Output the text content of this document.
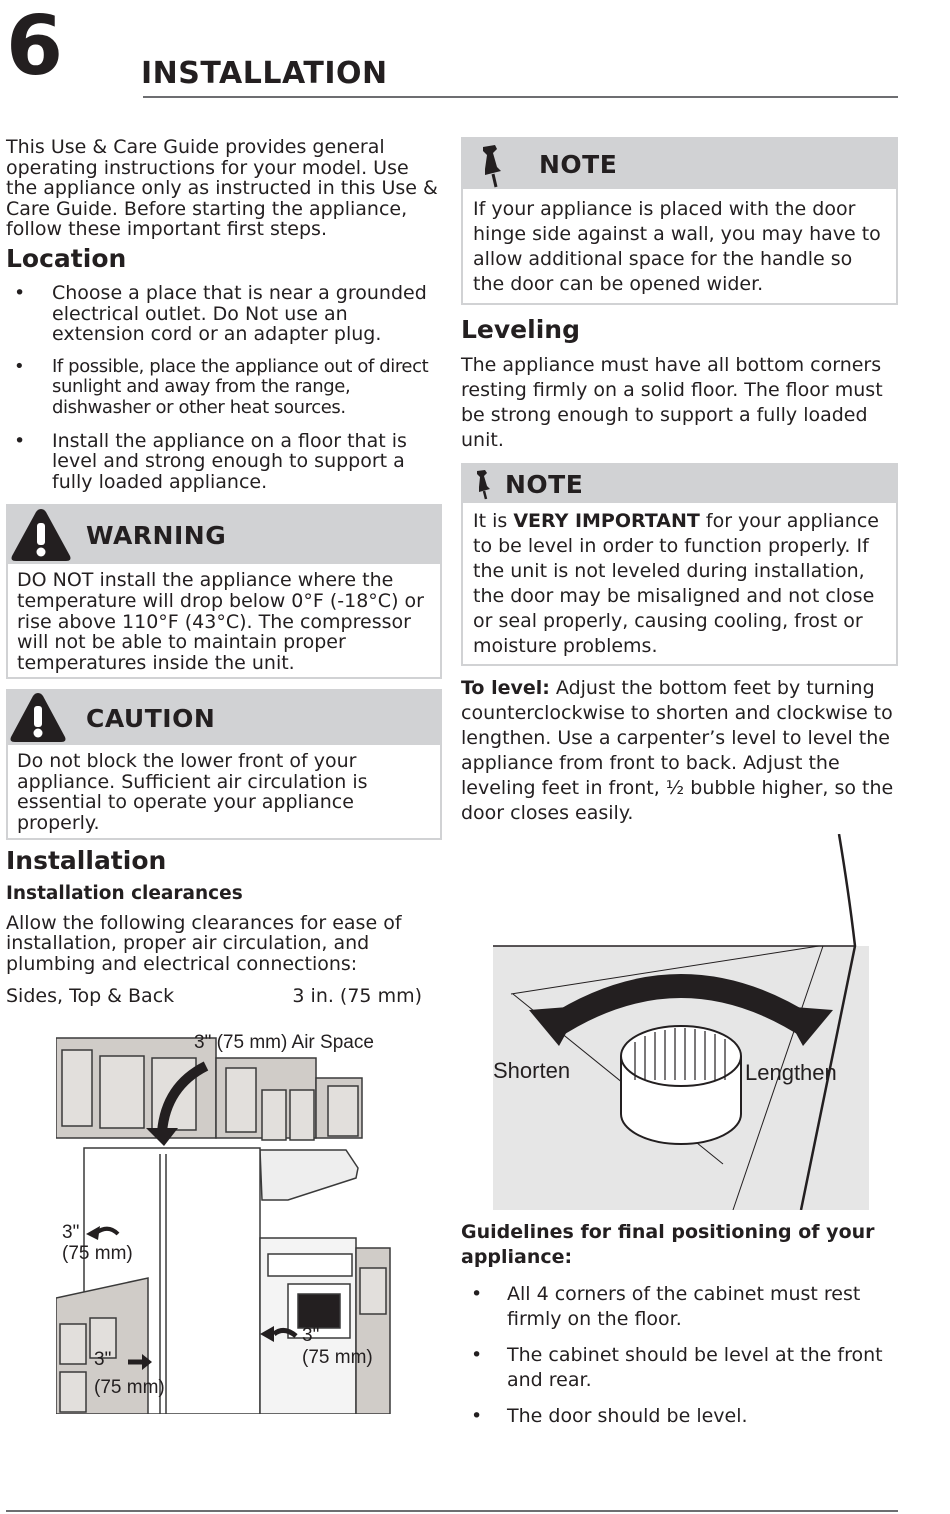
6	INSTALLATION

This Use & Care Guide provides general operating instructions for your model. Use the appliance only as instructed in this Use & Care Guide. Before starting the appliance, follow these important first steps.

Location
• Choose a place that is near a grounded electrical outlet. Do Not use an extension cord or an adapter plug.
• If possible, place the appliance out of direct sunlight and away from the range, dishwasher or other heat sources.
• Install the appliance on a floor that is level and strong enough to support a fully loaded appliance.
WARNING

DO NOT install the appliance where the temperature will drop below 0°F (-18°C) or rise above 110°F (43°C). The compressor will not be able to maintain proper temperatures inside the unit.

CAUTION

Do not block the lower front of your appliance. Sufficient air circulation is essential to operate your appliance properly.

Installation
Installation clearances

Allow the following clearances for ease of installation, proper air circulation, and plumbing and electrical connections:

Sides, Top & Back	3 in. (75 mm)
3" (75 mm) Air Space
3"
(75 mm)
3"
(75 mm)
3"
(75 mm)
NOTE

If your appliance is placed with the door hinge side against a wall, you may have to allow additional space for the handle so the door can be opened wider.

Leveling

The appliance must have all bottom corners resting firmly on a solid floor. The floor must be strong enough to support a fully loaded unit.

NOTE

It is VERY IMPORTANT for your appliance to be level in order to function properly. If the unit is not leveled during installation, the door may be misaligned and not close or seal properly, causing cooling, frost or moisture problems.

To level: Adjust the bottom feet by turning counterclockwise to shorten and clockwise to lengthen. Use a carpenter’s level to level the appliance from front to back. Adjust the leveling feet in front, ½ bubble higher, so the door closes easily.

Shorten	Lengthen
Guidelines for final positioning of your appliance:
• All 4 corners of the cabinet must rest firmly on the floor.
• The cabinet should be level at the front and rear.
• The door should be level.
